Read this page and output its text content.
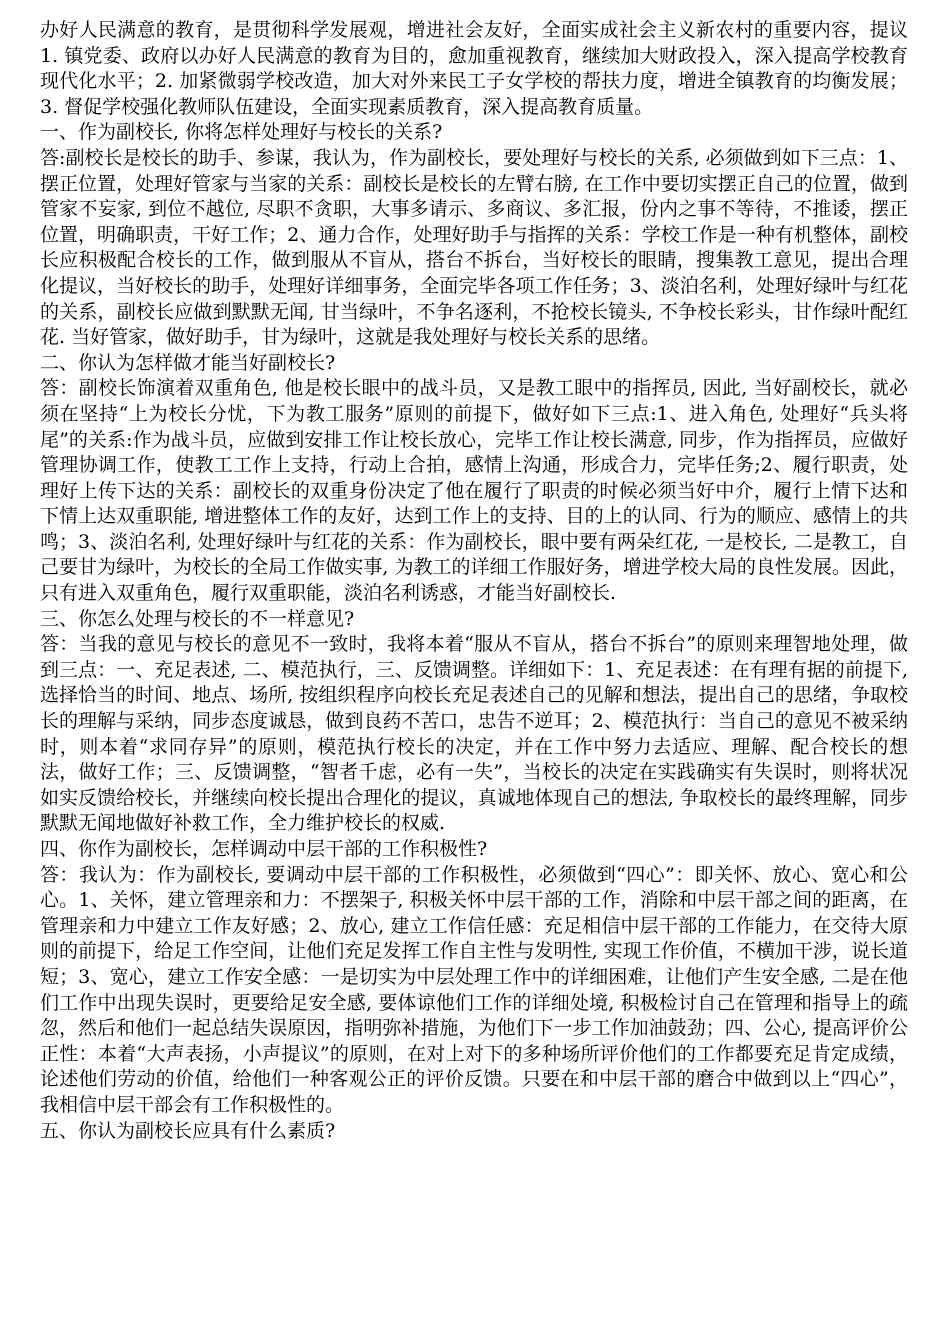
办好人民满意的教育，是贯彻科学发展观，增进社会友好，全面实成社会主义新农村的重要内容，提议 1. 镇党委、政府以办好人民满意的教育为目的，愈加重视教育，继续加大财政投入，深入提高学校教育现代化水平；2. 加紧微弱学校改造，加大对外来民工子女学校的帮扶力度，增进全镇教育的均衡发展；3. 督促学校强化教师队伍建设，全面实现素质教育，深入提高教育质量。

一、作为副校长, 你将怎样处理好与校长的关系?

答:副校长是校长的助手、参谋，我认为，作为副校长，要处理好与校长的关系, 必须做到如下三点：1、摆正位置，处理好管家与当家的关系：副校长是校长的左臂右膀, 在工作中要切实摆正自己的位置，做到管家不妄家, 到位不越位, 尽职不贪职，大事多请示、多商议、多汇报，份内之事不等待，不推诿，摆正位置，明确职责，干好工作；2、通力合作，处理好助手与指挥的关系：学校工作是一种有机整体，副校长应积极配合校长的工作，做到服从不盲从，搭台不拆台，当好校长的眼睛，搜集教工意见，提出合理化提议，当好校长的助手，处理好详细事务，全面完毕各项工作任务；3、淡泊名利，处理好绿叶与红花的关系，副校长应做到默默无闻, 甘当绿叶，不争名逐利，不抢校长镜头, 不争校长彩头，甘作绿叶配红花. 当好管家，做好助手，甘为绿叶，这就是我处理好与校长关系的思绪。

二、你认为怎样做才能当好副校长?

答：副校长饰演着双重角色, 他是校长眼中的战斗员，又是教工眼中的指挥员, 因此, 当好副校长，就必须在坚持“上为校长分忧，下为教工服务”原则的前提下，做好如下三点:1、进入角色, 处理好“兵头将尾”的关系:作为战斗员，应做到安排工作让校长放心，完毕工作让校长满意, 同步，作为指挥员，应做好管理协调工作，使教工工作上支持，行动上合拍，感情上沟通，形成合力，完毕任务;2、履行职责，处理好上传下达的关系：副校长的双重身份决定了他在履行了职责的时候必须当好中介，履行上情下达和下情上达双重职能, 增进整体工作的友好，达到工作上的支持、目的上的认同、行为的顺应、感情上的共鸣；3、淡泊名利, 处理好绿叶与红花的关系：作为副校长，眼中要有两朵红花, 一是校长, 二是教工，自己要甘为绿叶，为校长的全局工作做实事, 为教工的详细工作服好务，增进学校大局的良性发展。因此，只有进入双重角色，履行双重职能，淡泊名利诱惑，才能当好副校长.

三、你怎么处理与校长的不一样意见?

答：当我的意见与校长的意见不一致时，我将本着“服从不盲从，搭台不拆台”的原则来理智地处理，做到三点：一、充足表述, 二、模范执行，三、反馈调整。详细如下：1、充足表述：在有理有据的前提下, 选择恰当的时间、地点、场所, 按组织程序向校长充足表述自己的见解和想法，提出自己的思绪，争取校长的理解与采纳，同步态度诚恳，做到良药不苦口，忠告不逆耳；2、模范执行：当自己的意见不被采纳时，则本着“求同存异”的原则，模范执行校长的决定，并在工作中努力去适应、理解、配合校长的想法，做好工作；三、反馈调整，“智者千虑，必有一失”，当校长的决定在实践确实有失误时，则将状况如实反馈给校长，并继续向校长提出合理化的提议，真诚地体现自己的想法, 争取校长的最终理解，同步默默无闻地做好补救工作，全力维护校长的权威.

四、你作为副校长，怎样调动中层干部的工作积极性?

答：我认为：作为副校长, 要调动中层干部的工作积极性，必须做到“四心”：即关怀、放心、宽心和公心。1、关怀，建立管理亲和力：不摆架子, 积极关怀中层干部的工作，消除和中层干部之间的距离，在管理亲和力中建立工作友好感；2、放心, 建立工作信任感：充足相信中层干部的工作能力，在交待大原则的前提下，给足工作空间，让他们充足发挥工作自主性与发明性, 实现工作价值，不横加干涉，说长道短；3、宽心，建立工作安全感：一是切实为中层处理工作中的详细困难，让他们产生安全感, 二是在他们工作中出现失误时，更要给足安全感, 要体谅他们工作的详细处境, 积极检讨自己在管理和指导上的疏忽，然后和他们一起总结失误原因，指明弥补措施，为他们下一步工作加油鼓劲；四、公心, 提高评价公正性：本着“大声表扬，小声提议”的原则，在对上对下的多种场所评价他们的工作都要充足肯定成绩，论述他们劳动的价值，给他们一种客观公正的评价反馈。只要在和中层干部的磨合中做到以上“四心”，我相信中层干部会有工作积极性的。

五、你认为副校长应具有什么素质?
